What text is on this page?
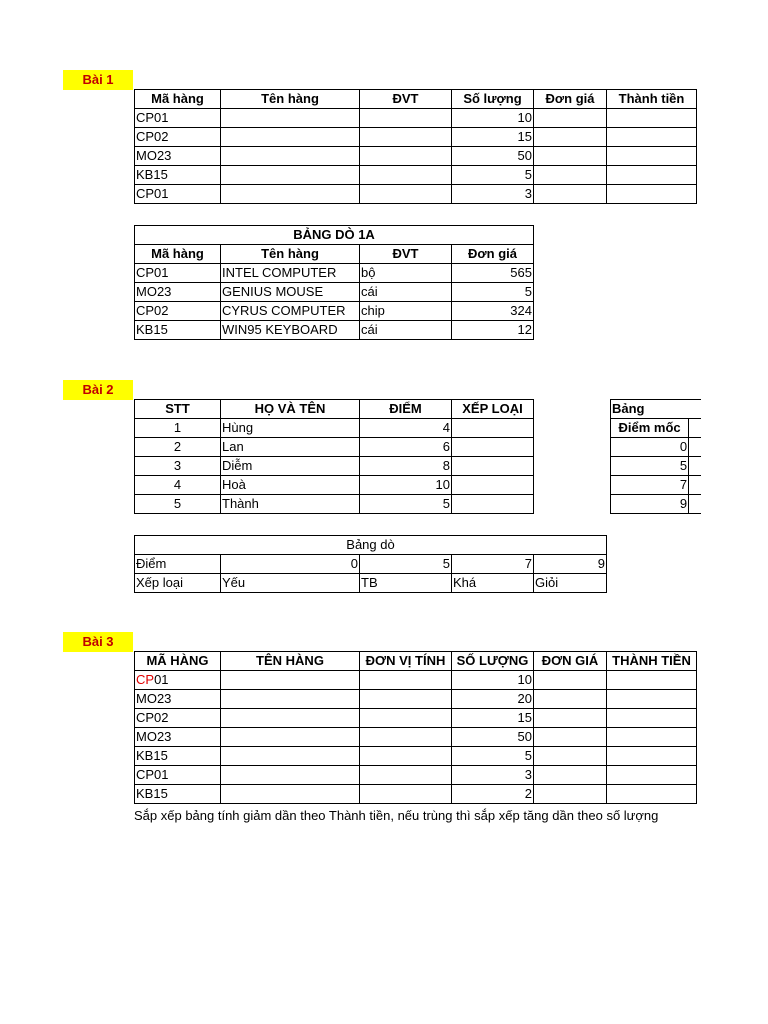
Bài 1
Mã hàng	Tên hàng	ĐVT	Số lượng	Đơn giá	Thành tiền
CP01			10		
CP02			15		
MO23			50		
KB15			5		
CP01			3		
BẢNG DÒ 1A			
Mã hàng	Tên hàng	ĐVT	Đơn giá
CP01	INTEL COMPUTER	bộ	565
MO23	GENIUS MOUSE	cái	5
CP02	CYRUS COMPUTER	chip	324
KB15	WIN95 KEYBOARD	cái	12
Bài 2
STT	HỌ VÀ TÊN	ĐIỂM	XẾP LOẠI
1	Hùng	4	
2	Lan	6	
3	Diễm	8	
4	Hoà	10	
5	Thành	5	
Bảng	
Điểm mốc	
0	
5	
7	
9	
Bảng dò				
Điểm	0	5	7	9
Xếp loại	Yếu	TB	Khá	Giỏi
Bài 3
MÃ HÀNG	TÊN HÀNG	ĐƠN VỊ TÍNH	SỐ LƯỢNG	ĐƠN GIÁ	THÀNH TIỀN
CP01			10		
MO23			20		
CP02			15		
MO23			50		
KB15			5		
CP01			3		
KB15			2		
Sắp xếp bảng tính giảm dần theo Thành tiền, nếu trùng thì sắp xếp tăng dần theo số lượng
